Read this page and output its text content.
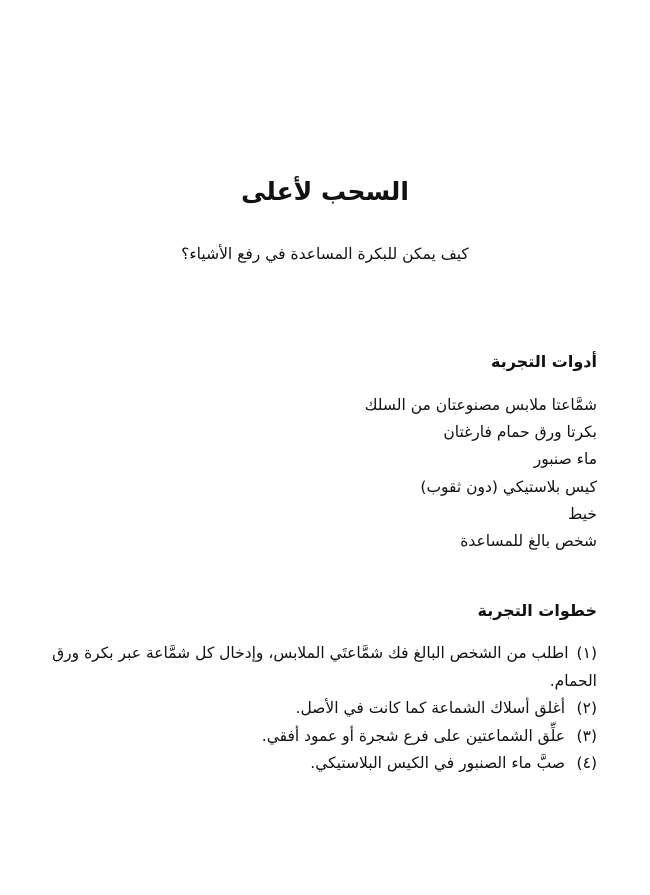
السحب لأعلى

كيف يمكن للبكرة المساعدة في رفع الأشياء؟

أدوات التجربة
شمَّاعتا ملابس مصنوعتان من السلك
بكرتا ورق حمام فارغتان
ماء صنبور
كيس بلاستيكي (دون ثقوب)
خيط
شخص بالغ للمساعدة
خطوات التجربة
(١)اطلب من الشخص البالغ فك شمَّاعتَي الملابس، وإدخال كل شمَّاعة عبر بكرة ورق الحمام.
(٢)
أغلق أسلاك الشماعة كما كانت في الأصل.
(٣)
علِّق الشماعتين على فرع شجرة أو عمود أفقي.
(٤)
صبَّ ماء الصنبور في الكيس البلاستيكي.
